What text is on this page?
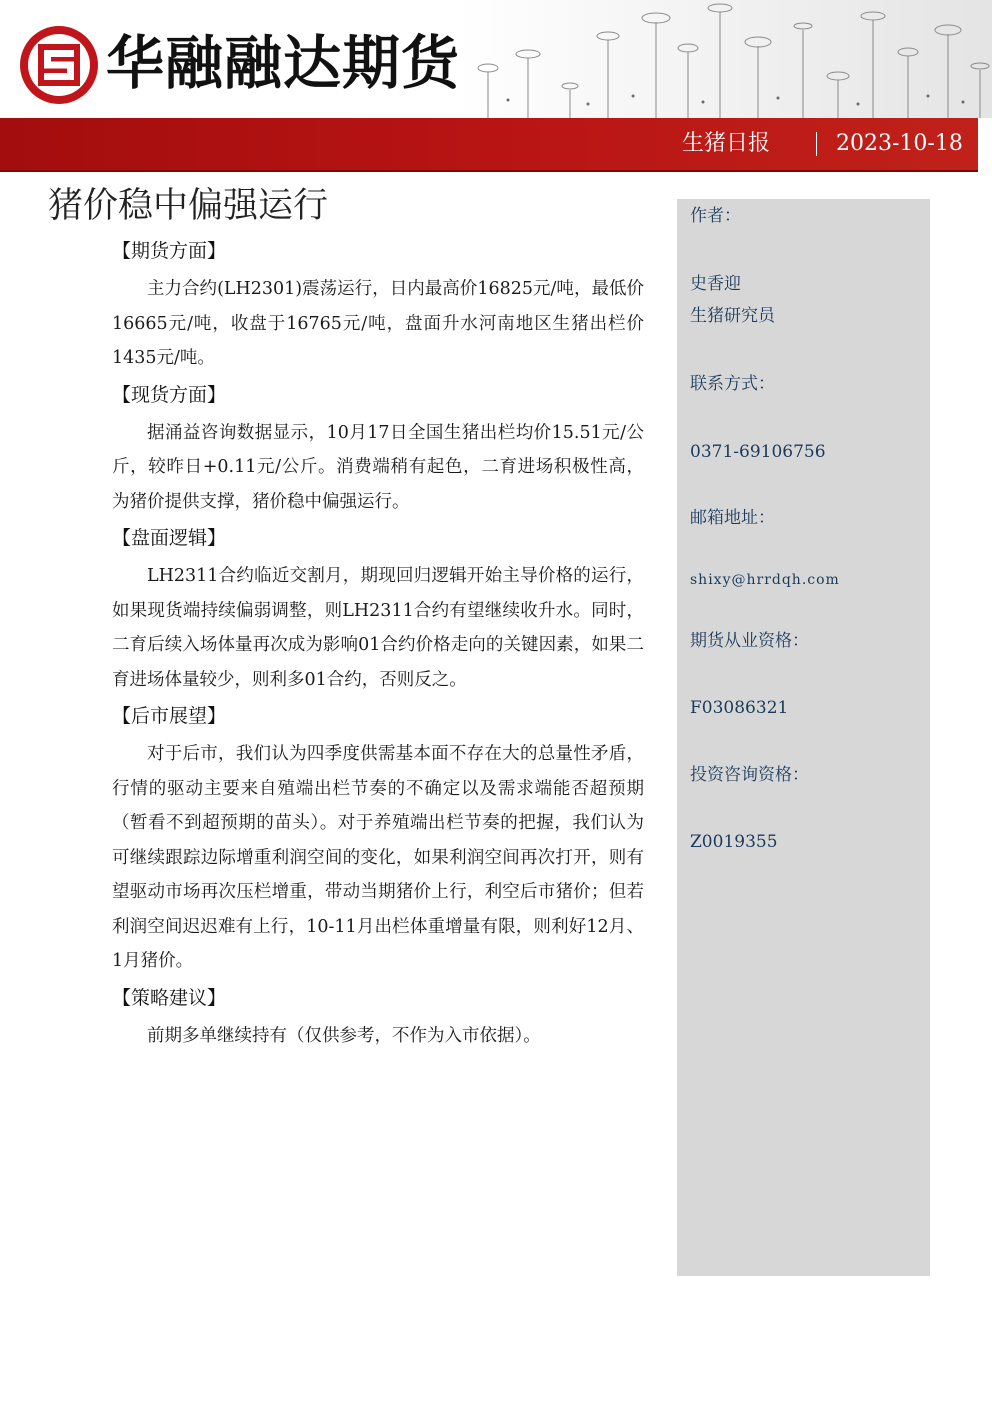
华融融达期货
生猪日报	2023-10-18
猪价稳中偏强运行
【期货方面】

主力合约(LH2301)震荡运行，日内最高价16825元/吨，最低价16665元/吨，收盘于16765元/吨，盘面升水河南地区生猪出栏价1435元/吨。

【现货方面】

据涌益咨询数据显示，10月17日全国生猪出栏均价15.51元/公斤，较昨日+0.11元/公斤。消费端稍有起色，二育进场积极性高，为猪价提供支撑，猪价稳中偏强运行。

【盘面逻辑】

LH2311合约临近交割月，期现回归逻辑开始主导价格的运行，如果现货端持续偏弱调整，则LH2311合约有望继续收升水。同时，二育后续入场体量再次成为影响01合约价格走向的关键因素，如果二育进场体量较少，则利多01合约，否则反之。

【后市展望】

对于后市，我们认为四季度供需基本面不存在大的总量性矛盾，行情的驱动主要来自殖端出栏节奏的不确定以及需求端能否超预期（暂看不到超预期的苗头）。对于养殖端出栏节奏的把握，我们认为可继续跟踪边际增重利润空间的变化，如果利润空间再次打开，则有望驱动市场再次压栏增重，带动当期猪价上行，利空后市猪价；但若利润空间迟迟难有上行，10-11月出栏体重增量有限，则利好12月、1月猪价。

【策略建议】

前期多单继续持有（仅供参考，不作为入市依据）。

作者：
史香迎
生猪研究员
联系方式：
0371-69106756
邮箱地址：
shixy@hrrdqh.com
期货从业资格：
F03086321
投资咨询资格：
Z0019355
